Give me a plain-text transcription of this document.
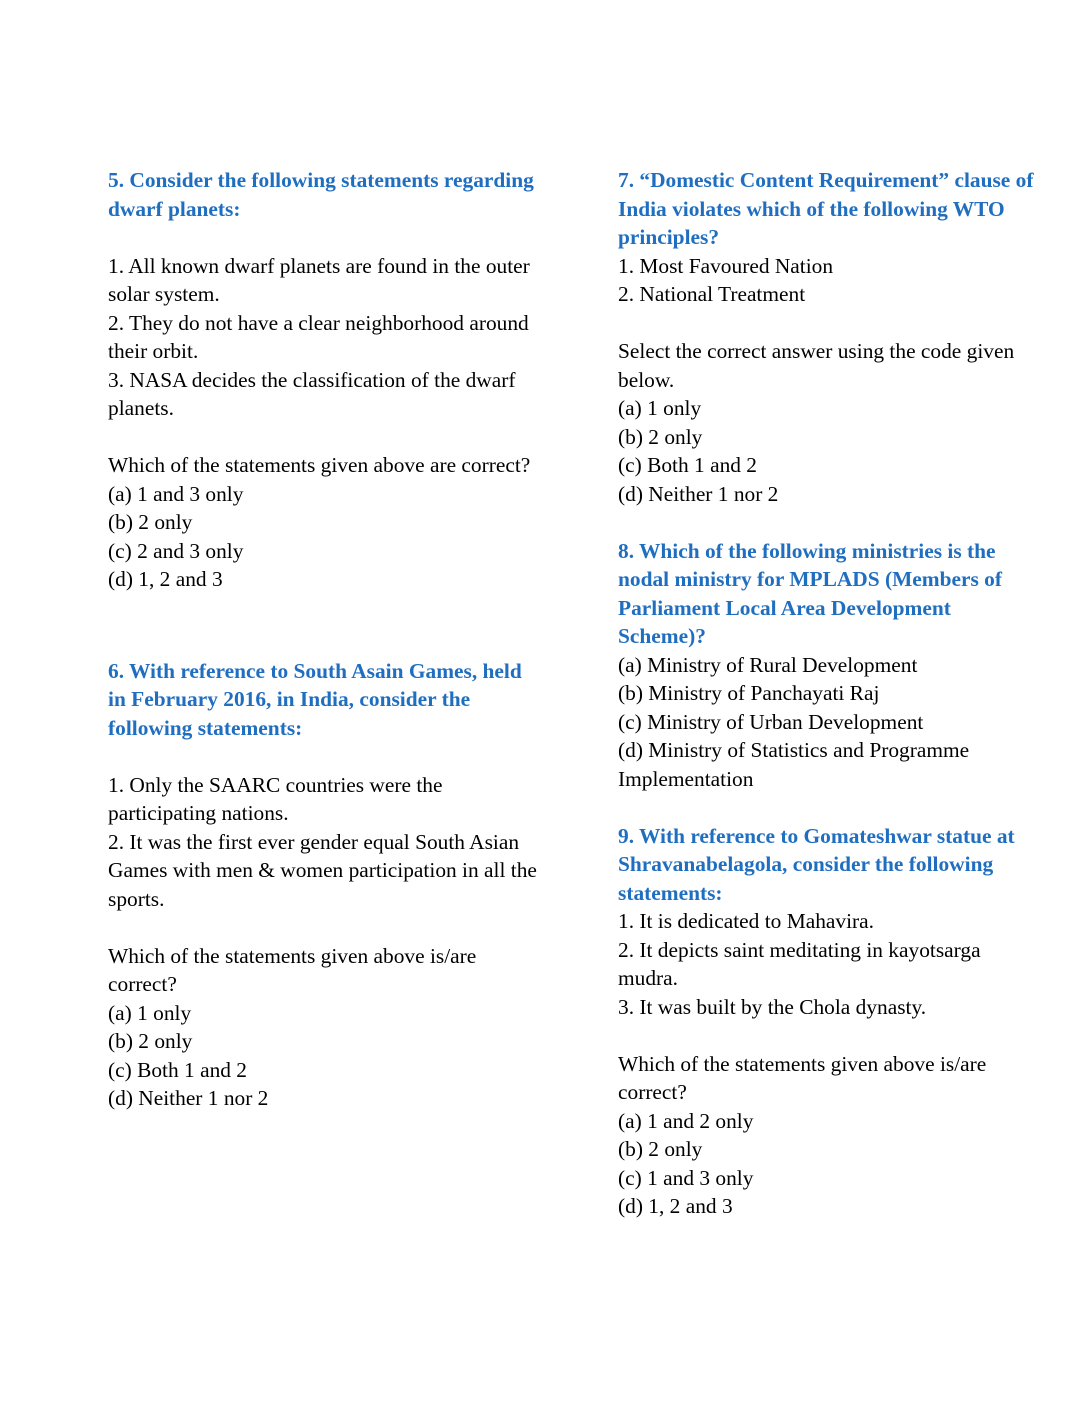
5. Consider the following statements regarding dwarf planets:

1. All known dwarf planets are found in the outer solar system.

2. They do not have a clear neighborhood around their orbit.

3. NASA decides the classification of the dwarf planets.

Which of the statements given above are correct?

(a) 1 and 3 only

(b) 2 only

(c) 2 and 3 only

(d) 1, 2 and 3

6. With reference to South Asain Games, held in February 2016, in India, consider the following statements:

1. Only the SAARC countries were the participating nations.

2. It was the first ever gender equal South Asian Games with men & women participation in all the sports.

Which of the statements given above is/are correct?

(a) 1 only

(b) 2 only

(c) Both 1 and 2

(d) Neither 1 nor 2

7. “Domestic Content Requirement” clause of India violates which of the following WTO principles?

1. Most Favoured Nation

2. National Treatment

Select the correct answer using the code given below.

(a) 1 only

(b) 2 only

(c) Both 1 and 2

(d) Neither 1 nor 2

8. Which of the following ministries is the nodal ministry for MPLADS (Members of Parliament Local Area Development Scheme)?

(a) Ministry of Rural Development

(b) Ministry of Panchayati Raj

(c) Ministry of Urban Development

(d) Ministry of Statistics and Programme Implementation

9. With reference to Gomateshwar statue at Shravanabelagola, consider the following statements:

1. It is dedicated to Mahavira.

2. It depicts saint meditating in kayotsarga mudra.

3. It was built by the Chola dynasty.

Which of the statements given above is/are correct?

(a) 1 and 2 only

(b) 2 only

(c) 1 and 3 only

(d) 1, 2 and 3
